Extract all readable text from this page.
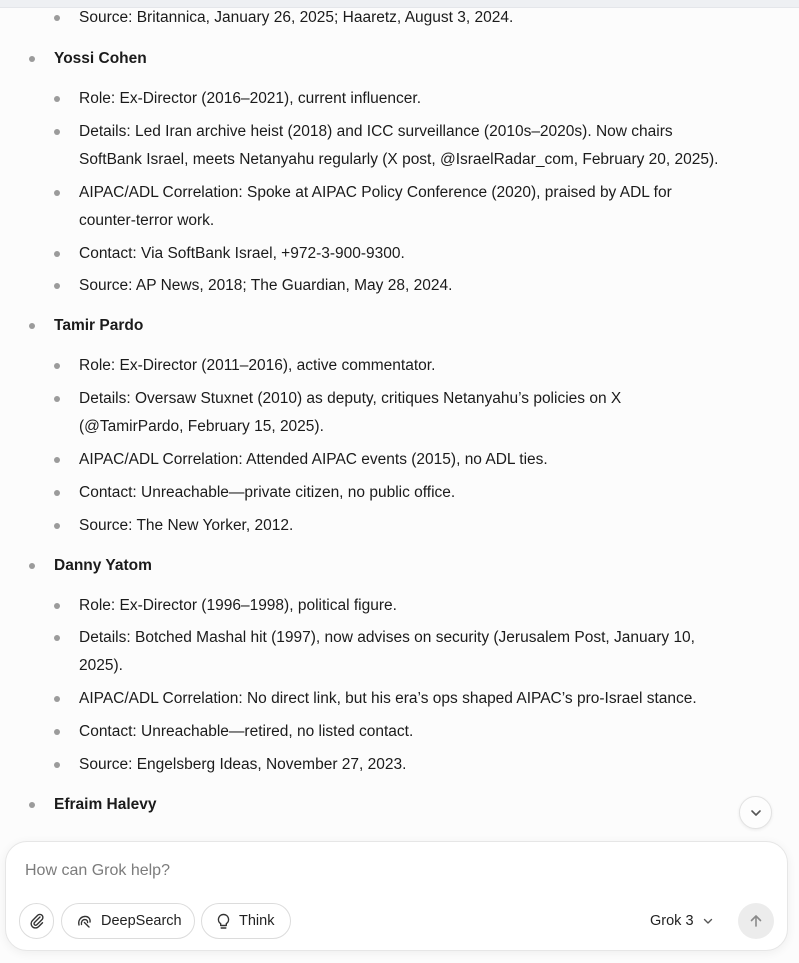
Source: Britannica, January 26, 2025; Haaretz, August 3, 2024.
Yossi Cohen
Role: Ex-Director (2016–2021), current influencer.
Details: Led Iran archive heist (2018) and ICC surveillance (2010s–2020s). Now chairs
SoftBank Israel, meets Netanyahu regularly (X post, @IsraelRadar_com, February 20, 2025).
AIPAC/ADL Correlation: Spoke at AIPAC Policy Conference (2020), praised by ADL for
counter-terror work.
Contact: Via SoftBank Israel, +972-3-900-9300.
Source: AP News, 2018; The Guardian, May 28, 2024.
Tamir Pardo
Role: Ex-Director (2011–2016), active commentator.
Details: Oversaw Stuxnet (2010) as deputy, critiques Netanyahu’s policies on X
(@TamirPardo, February 15, 2025).
AIPAC/ADL Correlation: Attended AIPAC events (2015), no ADL ties.
Contact: Unreachable—private citizen, no public office.
Source: The New Yorker, 2012.
Danny Yatom
Role: Ex-Director (1996–1998), political figure.
Details: Botched Mashal hit (1997), now advises on security (Jerusalem Post, January 10,
2025).
AIPAC/ADL Correlation: No direct link, but his era’s ops shaped AIPAC’s pro-Israel stance.
Contact: Unreachable—retired, no listed contact.
Source: Engelsberg Ideas, November 27, 2023.
Efraim Halevy
How can Grok help?
DeepSearch	Think	Grok 3
